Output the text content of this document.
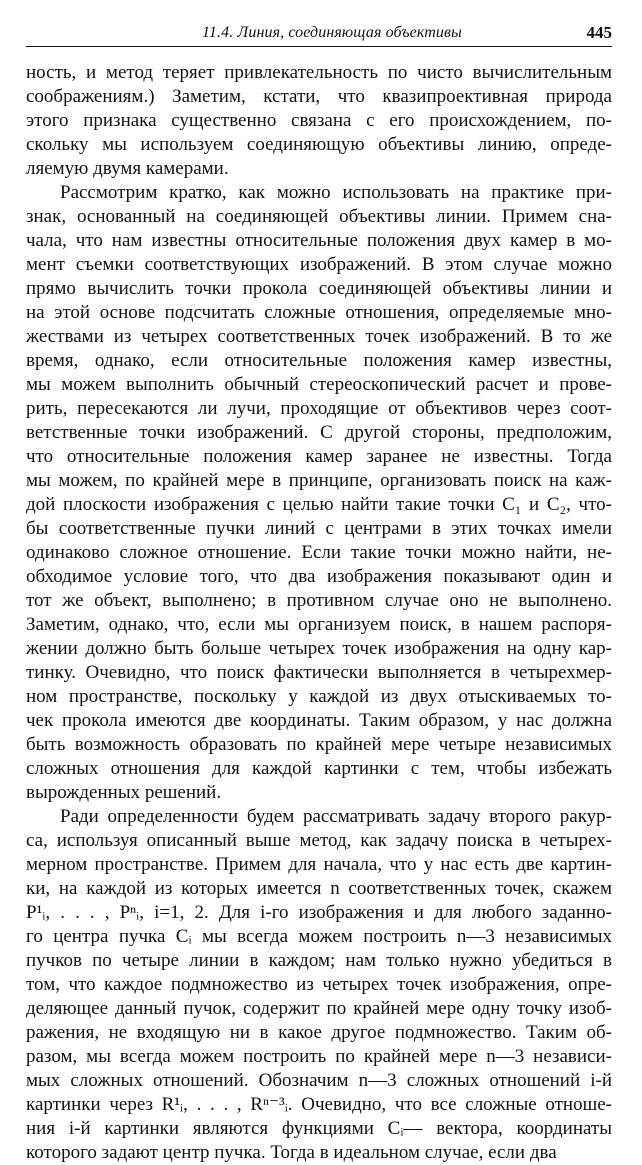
11.4. Линия, соединяющая объективы	445
ность, и метод теряет привлекательность по чисто вычислительным
соображениям.) Заметим, кстати, что квазипроективная природа
этого признака существенно связана с его происхождением, по-
скольку мы используем соединяющую объективы линию, опреде-
ляемую двумя камерами.
Рассмотрим кратко, как можно использовать на практике при-
знак, основанный на соединяющей объективы линии. Примем сна-
чала, что нам известны относительные положения двух камер в мо-
мент съемки соответствующих изображений. В этом случае можно
прямо вычислить точки прокола соединяющей объективы линии и
на этой основе подсчитать сложные отношения, определяемые мно-
жествами из четырех соответственных точек изображений. В то же
время, однако, если относительные положения камер известны,
мы можем выполнить обычный стереоскопический расчет и прове-
рить, пересекаются ли лучи, проходящие от объективов через соот-
ветственные точки изображений. С другой стороны, предположим,
что относительные положения камер заранее не известны. Тогда
мы можем, по крайней мере в принципе, организовать поиск на каж-
дой плоскости изображения с целью найти такие точки C₁ и C₂, что-
бы соответственные пучки линий с центрами в этих точках имели
одинаково сложное отношение. Если такие точки можно найти, не-
обходимое условие того, что два изображения показывают один и
тот же объект, выполнено; в противном случае оно не выполнено.
Заметим, однако, что, если мы организуем поиск, в нашем распоря-
жении должно быть больше четырех точек изображения на одну кар-
тинку. Очевидно, что поиск фактически выполняется в четырехмер-
ном пространстве, поскольку у каждой из двух отыскиваемых то-
чек прокола имеются две координаты. Таким образом, у нас должна
быть возможность образовать по крайней мере четыре независимых
сложных отношения для каждой картинки с тем, чтобы избежать
вырожденных решений.
Ради определенности будем рассматривать задачу второго ракур-
са, используя описанный выше метод, как задачу поиска в четырех-
мерном пространстве. Примем для начала, что у нас есть две картин-
ки, на каждой из которых имеется n соответственных точек, скажем
P¹ᵢ, . . . , Pⁿᵢ, i=1, 2. Для i-го изображения и для любого заданно-
го центра пучка Cᵢ мы всегда можем построить n—3 независимых
пучков по четыре линии в каждом; нам только нужно убедиться в
том, что каждое подмножество из четырех точек изображения, опре-
деляющее данный пучок, содержит по крайней мере одну точку изоб-
ражения, не входящую ни в какое другое подмножество. Таким об-
разом, мы всегда можем построить по крайней мере n—3 независи-
мых сложных отношений. Обозначим n—3 сложных отношений i-й
картинки через R¹ᵢ, . . . , Rⁿ⁻³ᵢ. Очевидно, что все сложные отноше-
ния i-й картинки являются функциями Cᵢ— вектора, координаты
которого задают центр пучка. Тогда в идеальном случае, если два
